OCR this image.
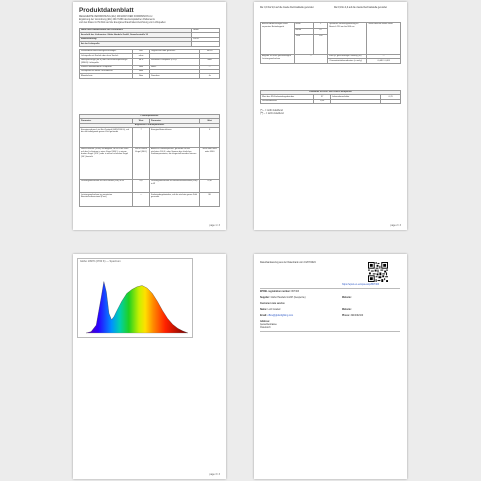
Produktdatenblatt
DELEGIERTE VERORDNUNG (EU) 2019/2015 DER KOMMISSION zur
Ergänzung der Verordnung (EU) 2017/1369 des Europäischen Parlaments
und des Rates im Hinblick auf die Energieverbrauchskennzeichnung von Lichtquellen
Name oder Handelsmarke des Lieferanten:	Globo
Anschrift des Lieferanten: Globo Handels GmbH, Gewerbestraße 10	
Modellkennung:	10970
Art der Lichtquelle:	
Verwendete Beleuchtungstechnologie:	LED	Ungerichtet oder gerichtet:	NDLS
Lichtquelle mit Sockel oder ohne Sockel:	ohne		
Netzspannungs-(MLS) oder Nicht-Netzspannungs-(NMLS) Lichtquelle:	MLS	Vernetzte Lichtquelle (CLS):	Nein
Farblich abstimmbare Lichtquelle:	Nein	Hülle:	—
Lichtquelle mit hoher Leuchtdichte:	Nein		
Blendschutz:	Nein	Dimmbar:	Ja
Produktparameter			
Parameter	Wert	Parameter	Wert
Allgemeine Produktparameter			
Energieverbrauch im Ein-Zustand (kWh/1000 h), auf die nächstfolgende ganze Zahl gerundet	7	Energieeffizienzklasse	F
Nutzlichtstrom (Φuse) mit Angabe, ob sich der Wert auf den Lichtstrom in einer Kugel (360°), in einem breiten Kegel (120°) oder in einem schmalen Kegel (90°) bezieht	680 in einem Kugel (360°)	Ähnliche Farbtemperatur, gerundet auf die nächsten 100 K, oder Spanne der ähnlichen Farbtemperaturen, die eingestellt werden können	3000 oder 4000 oder 6500
Leistungsaufnahme im Ein-Zustand (Pon) in W	6,6	Leistungsaufnahme im Bereitschaftszustand (Psb) in W	0,30
Leistungsaufnahme im vernetzten Bereitschaftszustand (Pnet)	—	Farbwiedergabeindex, auf die nächste ganze Zahl gerundet	80
page 1 / 3
Ra: 0,9 bis 9,0 auf die zweite Dezimalstelle gerundet	Ra 0,9 bis 4,0 auf die zweite Dezimalstelle gerundet
Äußere Abmessungen ohne separates Betriebsgerät	Höhe	1	Spektrale Strahlungsleistung im Bereich 250 nm bis 800 nm	Siehe Bild auf letzter Seite
	Breite	87		
	Tiefe	138		
Angabe zu einer gleichwertigen Leistungsaufnahme	—		Falls ja, gleichwertige Leistung (W)	—
			Chromatizitätskoordinaten (x und y)	0,440 / 0,403
Parameter für LED- und OLED-Lichtquellen			
Wert des R9-Farbwiedergabeindex	37	Lebensdauerfaktor	0,70
Lichtstromerhalt	0,90		
(*) – = nicht zutreffend
(**) – = nicht zutreffend
page 2 / 3
Globo 10970 (2700 K) — Spectrum
page 3 / 3
Datenbankauszug aus der Datenbank vom 01/07/2024
https://eprel.ec.europa.eu/qr/807303
EPREL registration number: 807303
Supplier: Globo Handels GmbH (Gesperrte)	Website:
Customer care service
Name: Lutz Graded	Website:
Email: office@globolighting.com	Phone: 4943092100
Address:
Gewerbestrasse
Österreich
